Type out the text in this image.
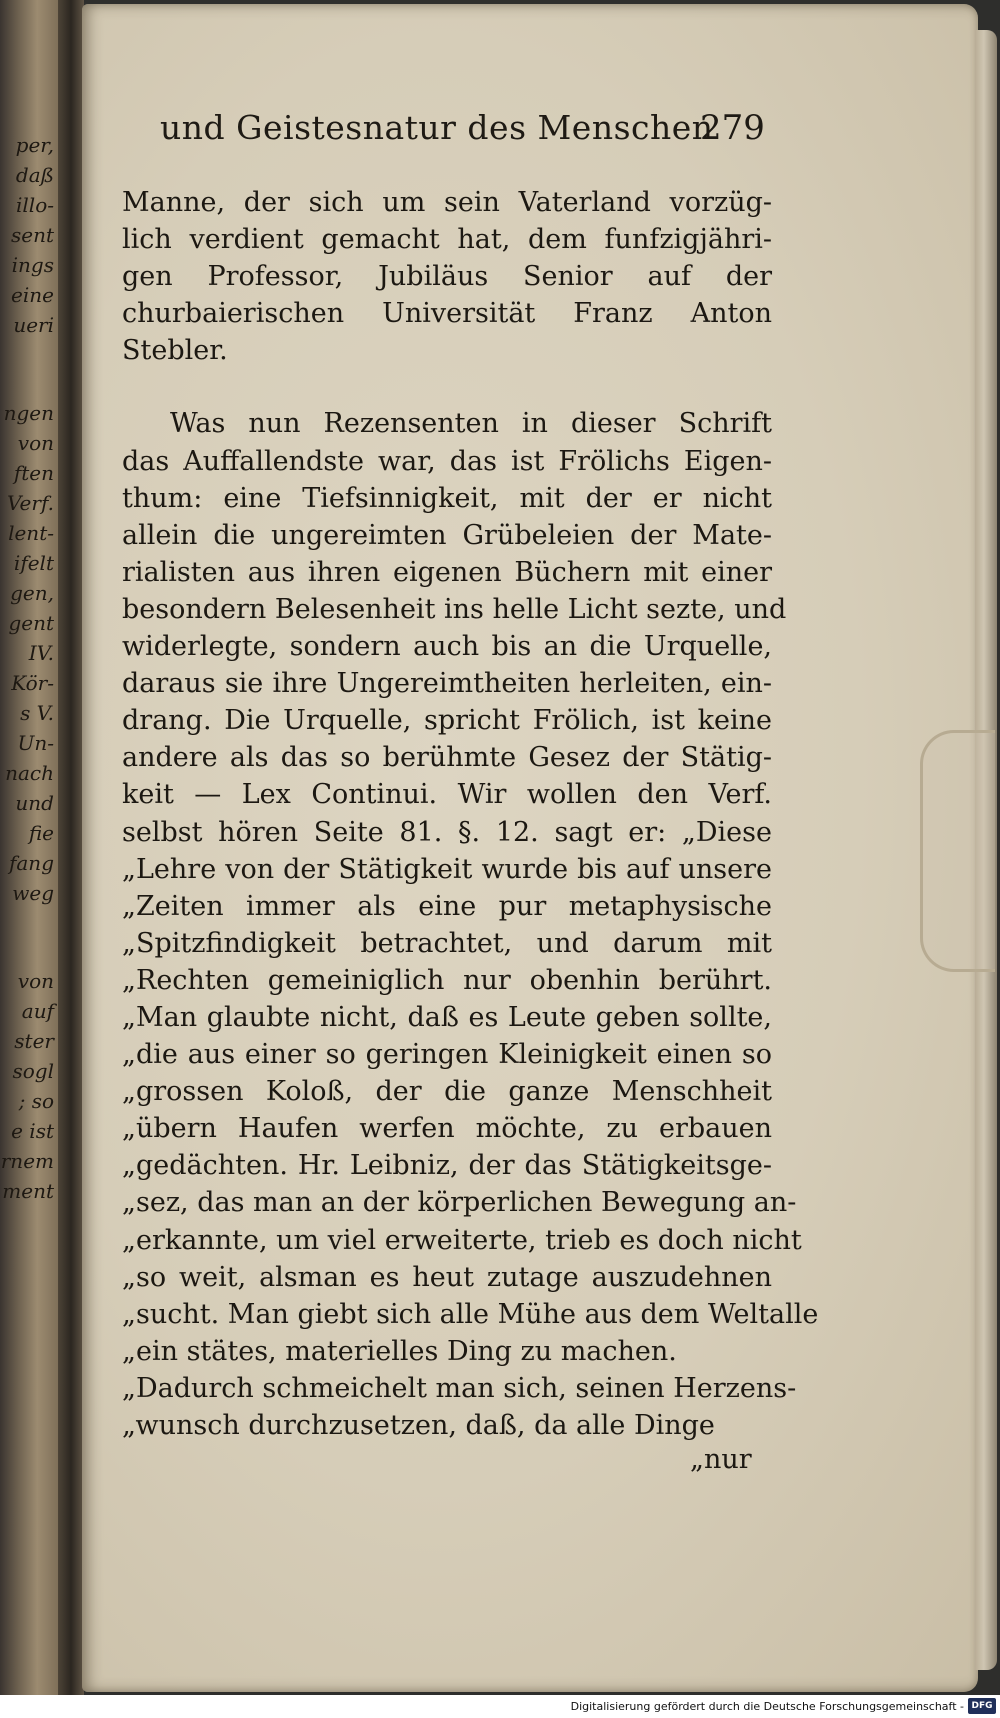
per,
daß
illo-
sent
ings
eine
ueri
ngen
von
ften
Verf.
lent-
ifelt
gen,
gent
IV.
Kör-
s V.
Un-
nach
und
fie
fang
weg
von
auf
ster
sogl
; so
e ist
rnem
ment
und Geistesnatur des Menschen
279
Manne, der sich um sein Vaterland vorzüg-
lich verdient gemacht hat, dem funfzigjähri-
gen Professor, Jubiläus Senior auf der
churbaierischen Universität Franz Anton
Stebler.
Was nun Rezensenten in dieser Schrift
das Auffallendste war, das ist Frölichs Eigen-
thum: eine Tiefsinnigkeit, mit der er nicht
allein die ungereimten Grübeleien der Mate-
rialisten aus ihren eigenen Büchern mit einer
besondern Belesenheit ins helle Licht sezte, und
widerlegte, sondern auch bis an die Urquelle,
daraus sie ihre Ungereimtheiten herleiten, ein-
drang. Die Urquelle, spricht Frölich, ist keine
andere als das so berühmte Gesez der Stätig-
keit — Lex Continui. Wir wollen den Verf.
selbst hören Seite 81. §. 12. sagt er: „Diese
„Lehre von der Stätigkeit wurde bis auf unsere
„Zeiten immer als eine pur metaphysische
„Spitzfindigkeit betrachtet, und darum mit
„Rechten gemeiniglich nur obenhin berührt.
„Man glaubte nicht, daß es Leute geben sollte,
„die aus einer so geringen Kleinigkeit einen so
„grossen Koloß, der die ganze Menschheit
„übern Haufen werfen möchte, zu erbauen
„gedächten. Hr. Leibniz, der das Stätigkeitsge-
„sez, das man an der körperlichen Bewegung an-
„erkannte, um viel erweiterte, trieb es doch nicht
„so weit, alsman es heut zutage auszudehnen
„sucht. Man giebt sich alle Mühe aus dem Weltalle
„ein stätes, materielles Ding zu machen.
„Dadurch schmeichelt man sich, seinen Herzens-
„wunsch durchzusetzen, daß, da alle Dinge
„nur
Digitalisierung gefördert durch die Deutsche Forschungsgemeinschaft - DFG
